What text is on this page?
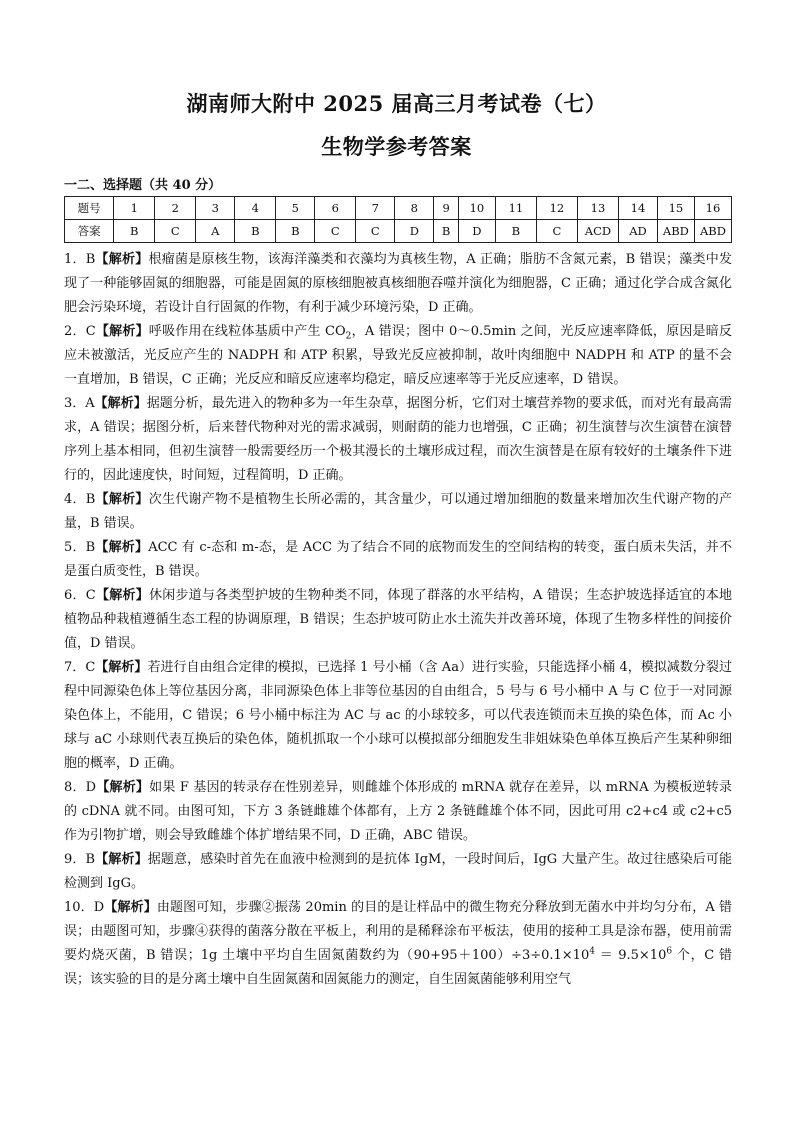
湖南师大附中 2025 届高三月考试卷（七）
生物学参考答案
一二、选择题（共 40 分）
题号	1	2	3	4	5	6	7	8	9	10	11	12	13	14	15	16
答案	B	C	A	B	B	C	C	D	B	D	B	C	ACD	AD	ABD	ABD

1．B【解析】根瘤菌是原核生物，该海洋藻类和衣藻均为真核生物，A 正确；脂肪不含氮元素，B 错误；藻类中发现了一种能够固氮的细胞器，可能是固氮的原核细胞被真核细胞吞噬并演化为细胞器，C 正确；通过化学合成含氮化肥会污染环境，若设计自行固氮的作物，有利于减少环境污染，D 正确。

2．C【解析】呼吸作用在线粒体基质中产生 $CO_2$，A 错误；图中 0～0.5min 之间，光反应速率降低，原因是暗反应未被激活，光反应产生的 NADPH 和 ATP 积累，导致光反应被抑制，故叶肉细胞中 NADPH 和 ATP 的量不会一直增加，B 错误，C 正确；光反应和暗反应速率均稳定，暗反应速率等于光反应速率，D 错误。

3．A【解析】据题分析，最先进入的物种多为一年生杂草，据图分析，它们对土壤营养物的要求低，而对光有最高需求，A 错误；据图分析，后来替代物种对光的需求减弱，则耐荫的能力也增强，C 正确；初生演替与次生演替在演替序列上基本相同，但初生演替一般需要经历一个极其漫长的土壤形成过程，而次生演替是在原有较好的土壤条件下进行的，因此速度快，时间短，过程简明，D 正确。

4．B【解析】次生代谢产物不是植物生长所必需的，其含量少，可以通过增加细胞的数量来增加次生代谢产物的产量，B 错误。

5．B【解析】ACC 有 c-态和 m-态，是 ACC 为了结合不同的底物而发生的空间结构的转变，蛋白质未失活，并不是蛋白质变性，B 错误。

6．C【解析】休闲步道与各类型护坡的生物种类不同，体现了群落的水平结构，A 错误；生态护坡选择适宜的本地植物品种栽植遵循生态工程的协调原理，B 错误；生态护坡可防止水土流失并改善环境，体现了生物多样性的间接价值，D 错误。

7．C【解析】若进行自由组合定律的模拟，已选择 1 号小桶（含 Aa）进行实验，只能选择小桶 4，模拟减数分裂过程中同源染色体上等位基因分离，非同源染色体上非等位基因的自由组合，5 号与 6 号小桶中 A 与 C 位于一对同源染色体上，不能用，C 错误；6 号小桶中标注为 AC 与 ac 的小球较多，可以代表连锁而未互换的染色体，而 Ac 小球与 aC 小球则代表互换后的染色体，随机抓取一个小球可以模拟部分细胞发生非姐妹染色单体互换后产生某种卵细胞的概率，D 正确。

8．D【解析】如果 F 基因的转录存在性别差异，则雌雄个体形成的 mRNA 就存在差异，以 mRNA 为模板逆转录的 cDNA 就不同。由图可知，下方 3 条链雌雄个体都有，上方 2 条链雌雄个体不同，因此可用 c2+c4 或 c2+c5 作为引物扩增，则会导致雌雄个体扩增结果不同，D 正确，ABC 错误。

9．B【解析】据题意，感染时首先在血液中检测到的是抗体 IgM，一段时间后，IgG 大量产生。故过往感染后可能检测到 IgG。

10．D【解析】由题图可知，步骤②振荡 20min 的目的是让样品中的微生物充分释放到无菌水中并均匀分布，A 错误；由题图可知，步骤④获得的菌落分散在平板上，利用的是稀释涂布平板法，使用的接种工具是涂布器，使用前需要灼烧灭菌，B 错误；1g 土壤中平均自生固氮菌数约为$(90+95+100)\div 3\div 0.1\times 10^4 = 9.5\times 10^6$ 个，C 错误；该实验的目的是分离土壤中自生固氮菌和固氮能力的测定，自生固氮菌能够利用空气
